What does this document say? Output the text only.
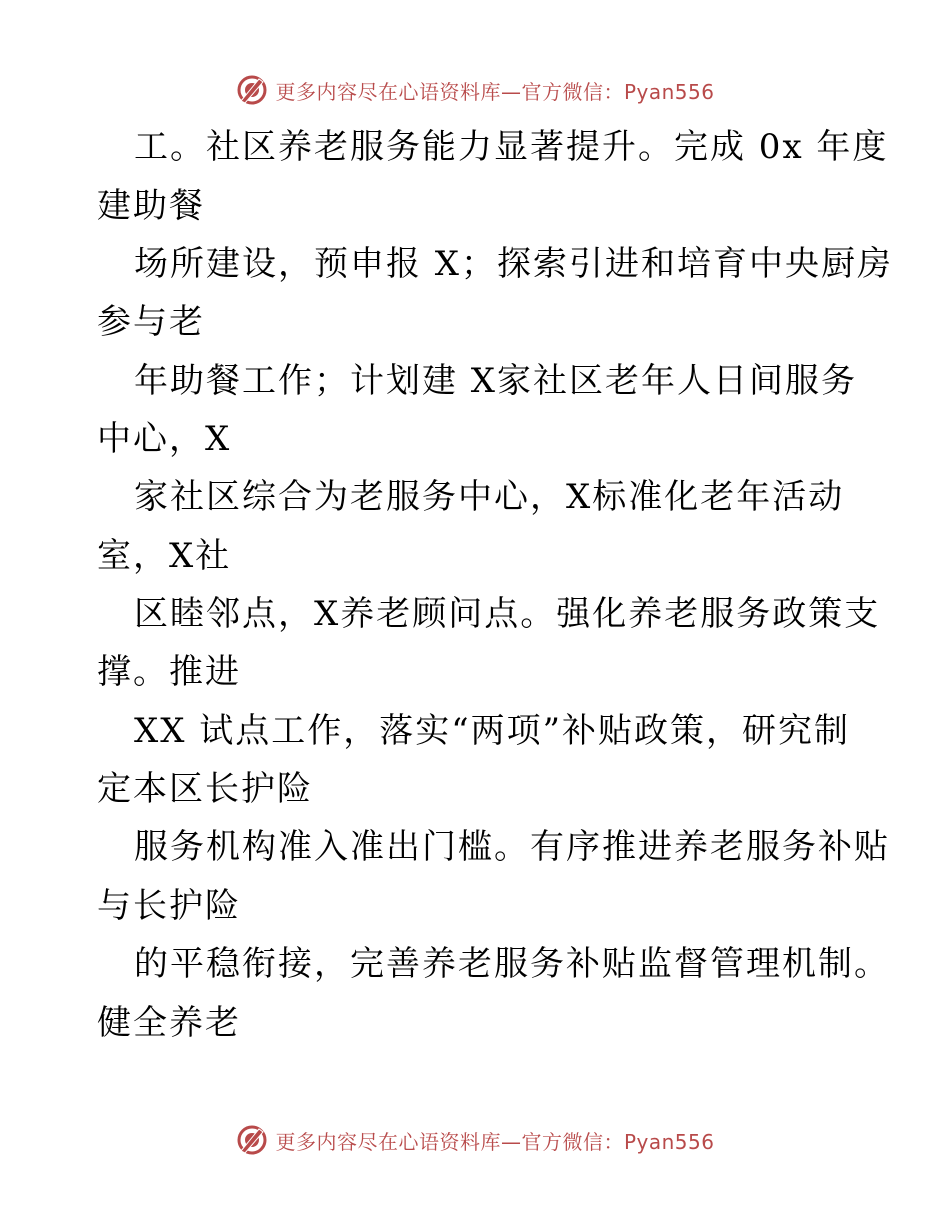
更多内容尽在心语资料库—官方微信：Pyan556
工。社区养老服务能力显著提升。完成 0x 年度
建助餐
场所建设，预申报 X；探索引进和培育中央厨房
参与老
年助餐工作；计划建 X家社区老年人日间服务
中心，X
家社区综合为老服务中心，X标准化老年活动
室，X社
区睦邻点，X养老顾问点。强化养老服务政策支
撑。推进
XX 试点工作，落实“两项”补贴政策，研究制
定本区长护险
服务机构准入准出门槛。有序推进养老服务补贴
与长护险
的平稳衔接，完善养老服务补贴监督管理机制。
健全养老
更多内容尽在心语资料库—官方微信：Pyan556
